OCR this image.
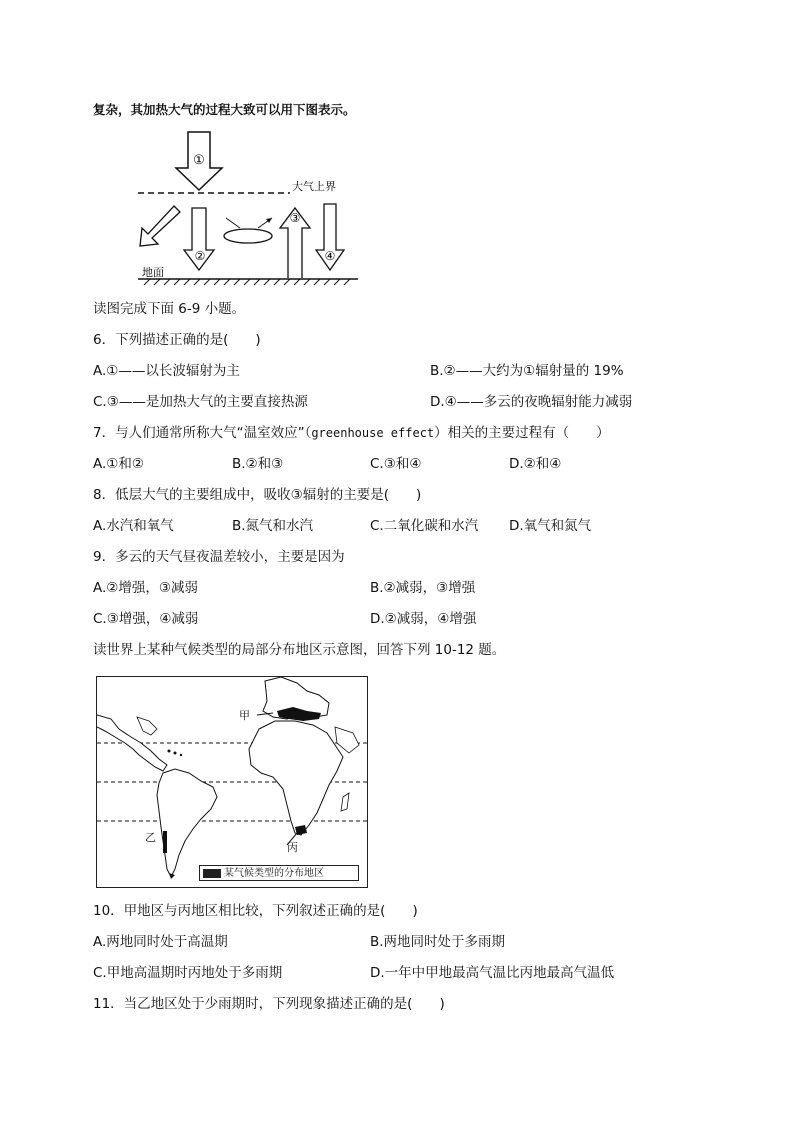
复杂，其加热大气的过程大致可以用下图表示。
①
②
③
④
大气上界
地面
读图完成下面 6-9 小题。
6．下列描述正确的是(　　)
A.①——以长波辐射为主	B.②——大约为①辐射量的 19%
C.③——是加热大气的主要直接热源	D.④——多云的夜晚辐射能力减弱
7．与人们通常所称大气“温室效应”（greenhouse effect）相关的主要过程有（　　）
A.①和②	B.②和③	C.③和④	D.②和④
8．低层大气的主要组成中，吸收③辐射的主要是(　　)
A.水汽和氧气	B.氮气和水汽	C.二氧化碳和水汽 D.氧气和氮气
9．多云的天气昼夜温差较小，主要是因为
A.②增强，③减弱	B.②减弱，③增强
C.③增强，④减弱	D.②减弱，④增强
读世界上某种气候类型的局部分布地区示意图，回答下列 10-12 题。
甲
乙
丙
某气候类型的分布地区
10．甲地区与丙地区相比较，下列叙述正确的是(　　)
A.两地同时处于高温期	B.两地同时处于多雨期
C.甲地高温期时丙地处于多雨期	D.一年中甲地最高气温比丙地最高气温低
11．当乙地区处于少雨期时，下列现象描述正确的是(　　)
